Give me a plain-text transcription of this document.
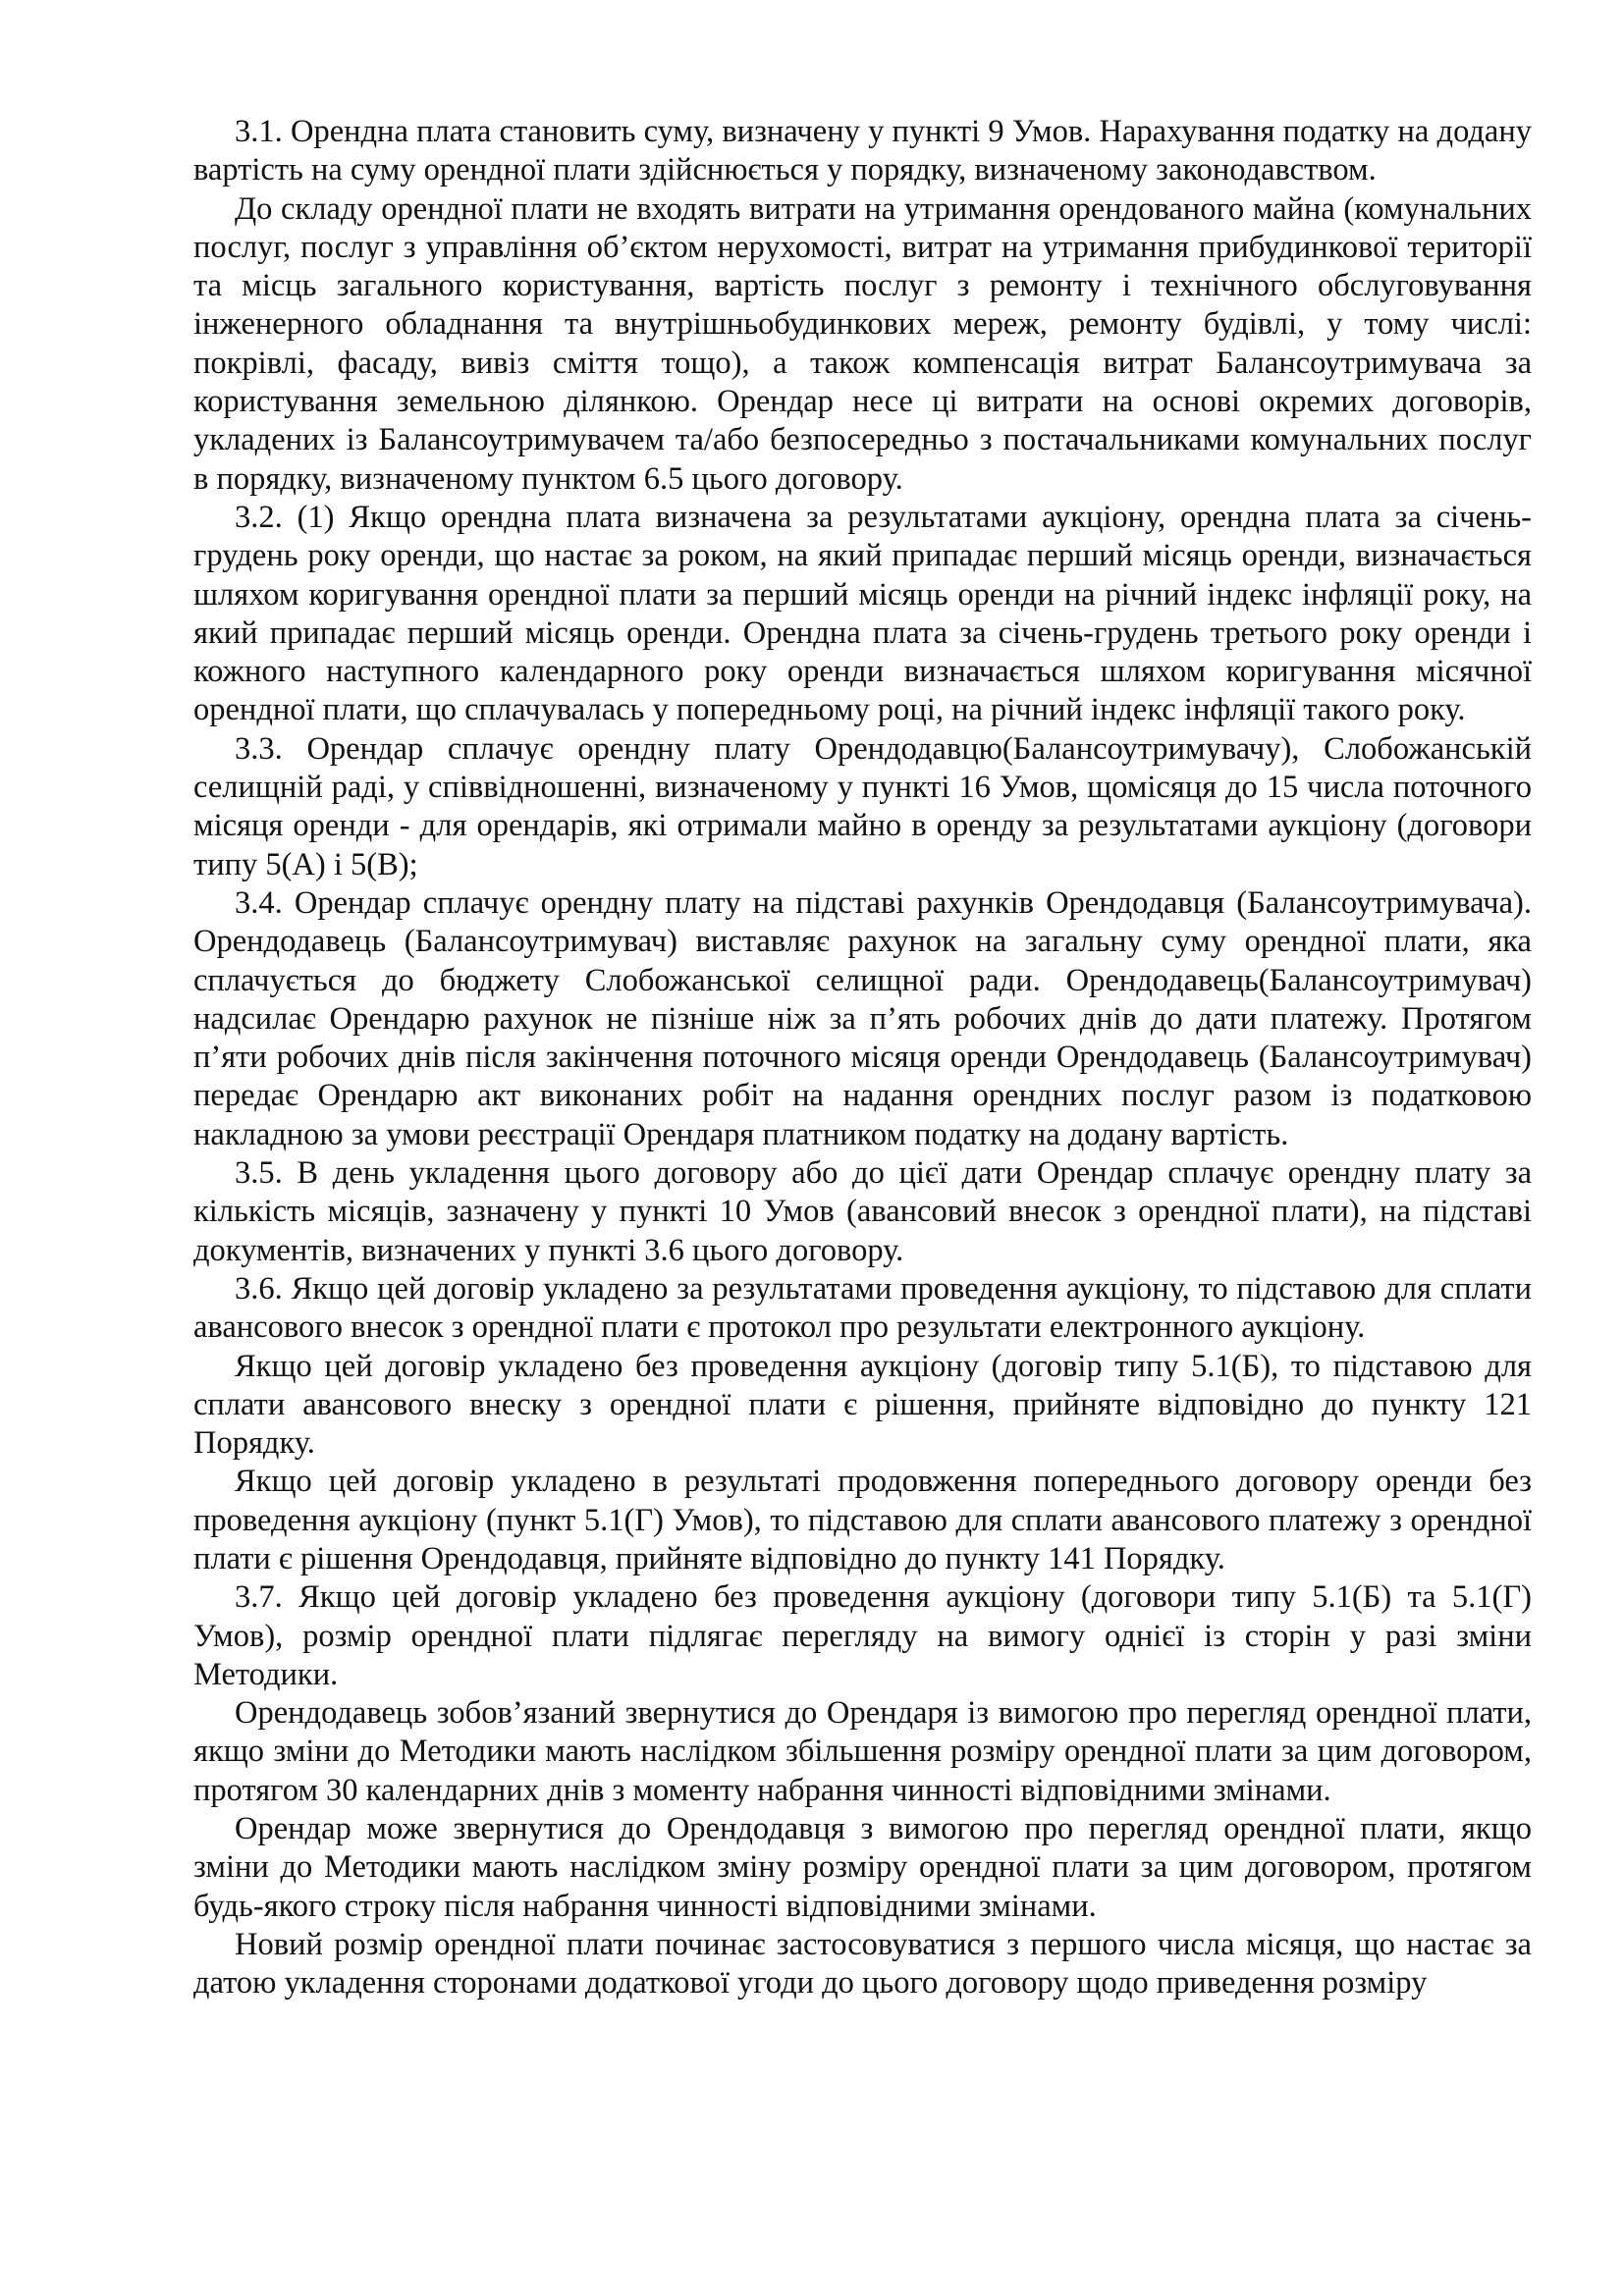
3.1. Орендна плата становить суму, визначену у пункті 9 Умов. Нарахування податку на додану вартість на суму орендної плати здійснюється у порядку, визначеному законодавством.

До складу орендної плати не входять витрати на утримання орендованого майна (комунальних послуг, послуг з управління об’єктом нерухомості, витрат на утримання прибудинкової території та місць загального користування, вартість послуг з ремонту і технічного обслуговування інженерного обладнання та внутрішньобудинкових мереж, ремонту будівлі, у тому числі: покрівлі, фасаду, вивіз сміття тощо), а також компенсація витрат Балансоутримувача за користування земельною ділянкою. Орендар несе ці витрати на основі окремих договорів, укладених із Балансоутримувачем та/або безпосередньо з постачальниками комунальних послуг в порядку, визначеному пунктом 6.5 цього договору.

3.2. (1) Якщо орендна плата визначена за результатами аукціону, орендна плата за січень-грудень року оренди, що настає за роком, на який припадає перший місяць оренди, визначається шляхом коригування орендної плати за перший місяць оренди на річний індекс інфляції року, на який припадає перший місяць оренди. Орендна плата за січень-грудень третього року оренди і кожного наступного календарного року оренди визначається шляхом коригування місячної орендної плати, що сплачувалась у попередньому році, на річний індекс інфляції такого року.

3.3. Орендар сплачує орендну плату Орендодавцю(Балансоутримувачу), Слобожанській селищній раді, у співвідношенні, визначеному у пункті 16 Умов, щомісяця до 15 числа поточного місяця оренди - для орендарів, які отримали майно в оренду за результатами аукціону (договори типу 5(А) і 5(В);

3.4. Орендар сплачує орендну плату на підставі рахунків Орендодавця (Балансоутримувача). Орендодавець (Балансоутримувач) виставляє рахунок на загальну суму орендної плати, яка сплачується до бюджету Слобожанської селищної ради. Орендодавець(Балансоутримувач) надсилає Орендарю рахунок не пізніше ніж за п’ять робочих днів до дати платежу. Протягом п’яти робочих днів після закінчення поточного місяця оренди Орендодавець (Балансоутримувач) передає Орендарю акт виконаних робіт на надання орендних послуг разом із податковою накладною за умови реєстрації Орендаря платником податку на додану вартість.

3.5. В день укладення цього договору або до цієї дати Орендар сплачує орендну плату за кількість місяців, зазначену у пункті 10 Умов (авансовий внесок з орендної плати), на підставі документів, визначених у пункті 3.6 цього договору.

3.6. Якщо цей договір укладено за результатами проведення аукціону, то підставою для сплати авансового внесок з орендної плати є протокол про результати електронного аукціону.

Якщо цей договір укладено без проведення аукціону (договір типу 5.1(Б), то підставою для сплати авансового внеску з орендної плати є рішення, прийняте відповідно до пункту 121 Порядку.

Якщо цей договір укладено в результаті продовження попереднього договору оренди без проведення аукціону (пункт 5.1(Г) Умов), то підставою для сплати авансового платежу з орендної плати є рішення Орендодавця, прийняте відповідно до пункту 141 Порядку.

3.7. Якщо цей договір укладено без проведення аукціону (договори типу 5.1(Б) та 5.1(Г) Умов), розмір орендної плати підлягає перегляду на вимогу однієї із сторін у разі зміни Методики.

Орендодавець зобов’язаний звернутися до Орендаря із вимогою про перегляд орендної плати, якщо зміни до Методики мають наслідком збільшення розміру орендної плати за цим договором, протягом 30 календарних днів з моменту набрання чинності відповідними змінами.

Орендар може звернутися до Орендодавця з вимогою про перегляд орендної плати, якщо зміни до Методики мають наслідком зміну розміру орендної плати за цим договором, протягом будь-якого строку після набрання чинності відповідними змінами.

Новий розмір орендної плати починає застосовуватися з першого числа місяця, що настає за датою укладення сторонами додаткової угоди до цього договору щодо приведення розміру
